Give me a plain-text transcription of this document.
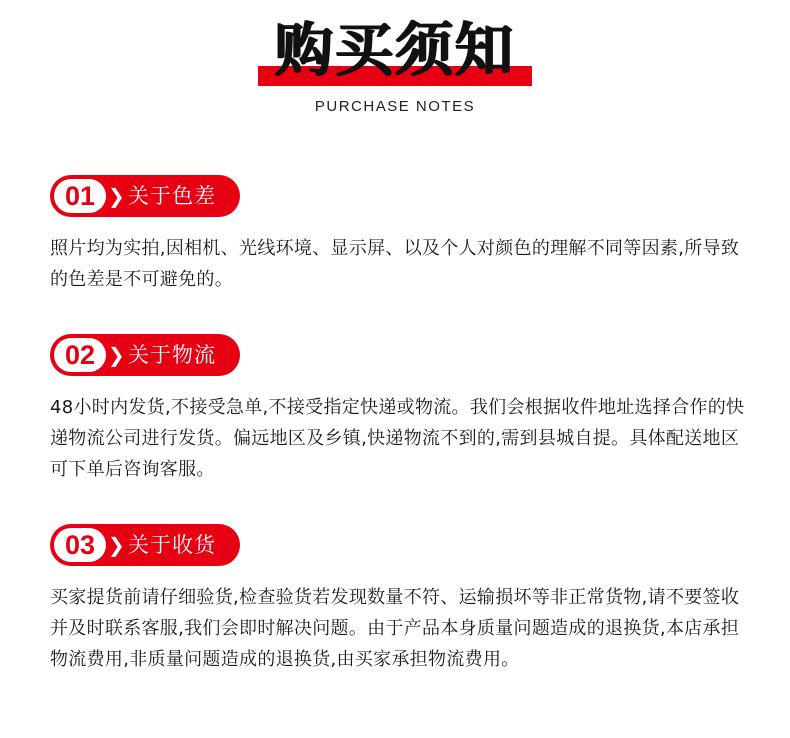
购买须知
PURCHASE NOTES
01 ❯ 关于色差
照片均为实拍,因相机、光线环境、显示屏、以及个人对颜色的理解不同等因素,所导致的色差是不可避免的。
02 ❯ 关于物流
48小时内发货,不接受急单,不接受指定快递或物流。我们会根据收件地址选择合作的快递物流公司进行发货。偏远地区及乡镇,快递物流不到的,需到县城自提。具体配送地区可下单后咨询客服。
03 ❯ 关于收货
买家提货前请仔细验货,检查验货若发现数量不符、运输损坏等非正常货物,请不要签收并及时联系客服,我们会即时解决问题。由于产品本身质量问题造成的退换货,本店承担物流费用,非质量问题造成的退换货,由买家承担物流费用。
